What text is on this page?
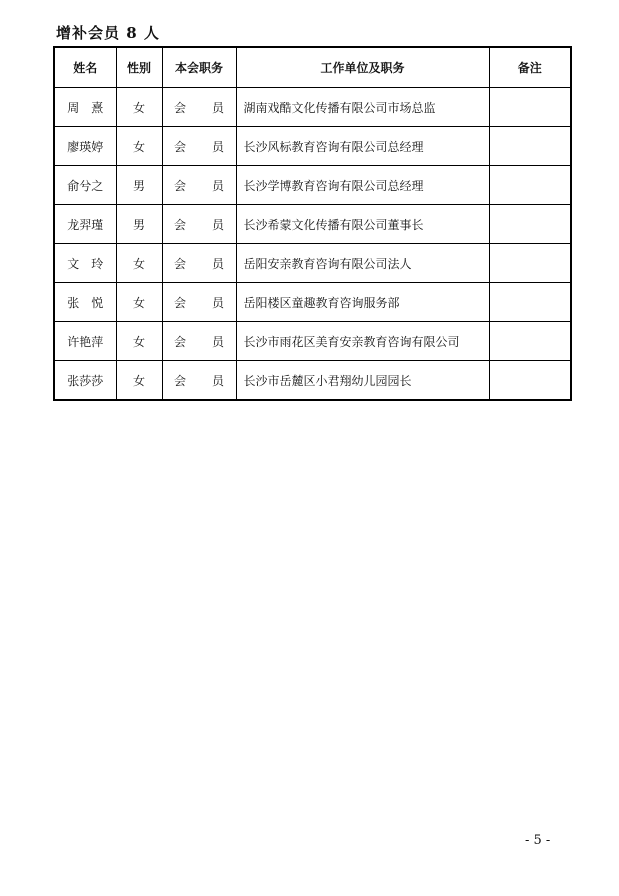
增补会员 8 人
姓名	性别	本会职务	工作单位及职务	备注
周　熹	女	会 员	湖南戏酷文化传播有限公司市场总监	
廖瑛婷	女	会 员	长沙风标教育咨询有限公司总经理	
俞兮之	男	会 员	长沙学博教育咨询有限公司总经理	
龙羿瑾	男	会 员	长沙希蒙文化传播有限公司董事长	
文　玲	女	会 员	岳阳安亲教育咨询有限公司法人	
张　悦	女	会 员	岳阳楼区童趣教育咨询服务部	
许艳萍	女	会 员	长沙市雨花区美育安亲教育咨询有限公司	
张莎莎	女	会 员	长沙市岳麓区小君翔幼儿园园长	
- 5 -
